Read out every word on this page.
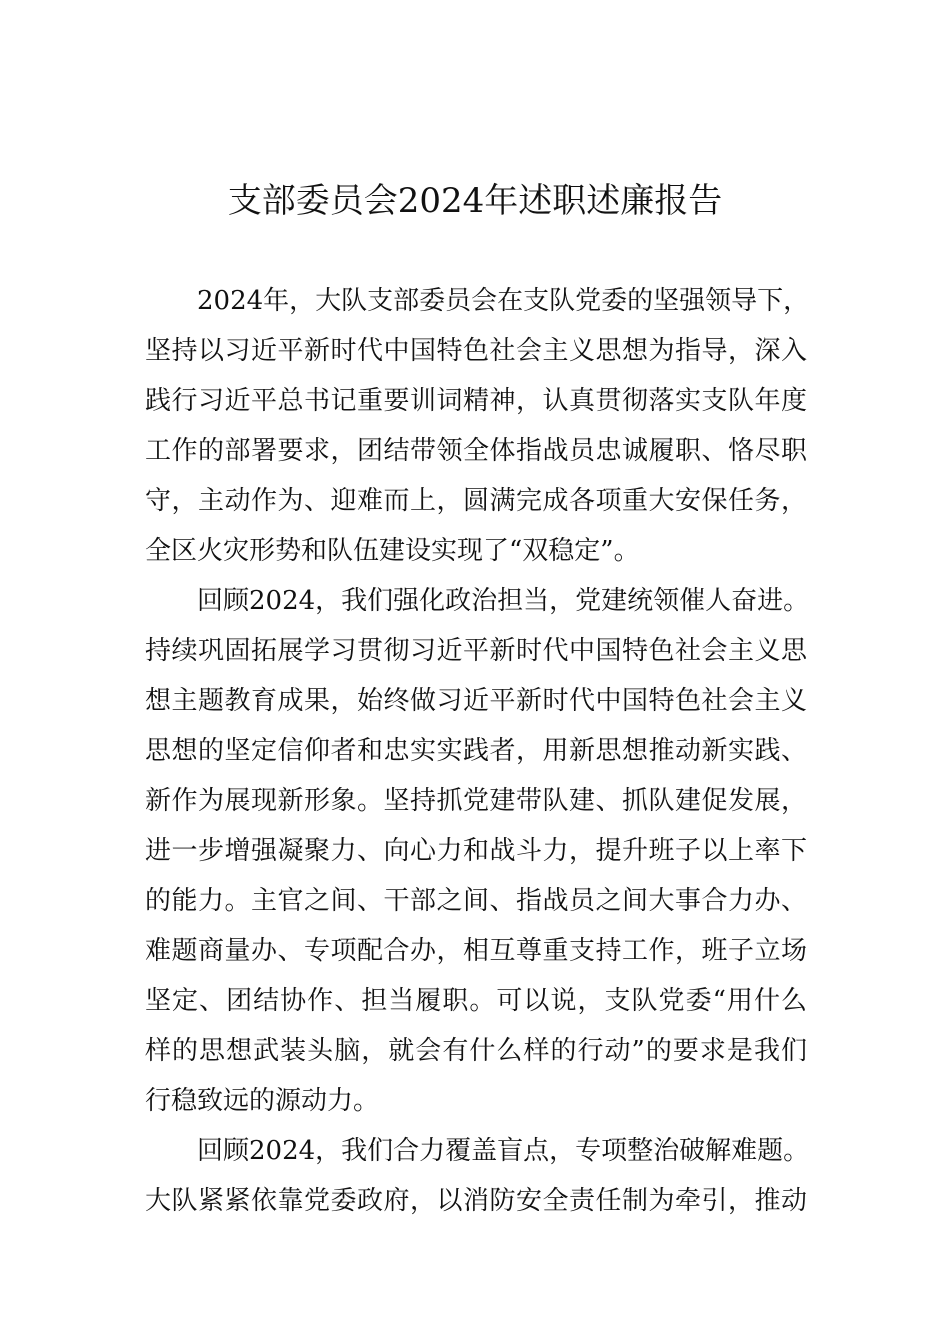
支部委员会2024年述职述廉报告
2024年，大队支部委员会在支队党委的坚强领导下，
坚持以习近平新时代中国特色社会主义思想为指导，深入
践行习近平总书记重要训词精神，认真贯彻落实支队年度
工作的部署要求，团结带领全体指战员忠诚履职、恪尽职
守，主动作为、迎难而上，圆满完成各项重大安保任务，
全区火灾形势和队伍建设实现了“双稳定”。
回顾2024，我们强化政治担当，党建统领催人奋进。
持续巩固拓展学习贯彻习近平新时代中国特色社会主义思
想主题教育成果，始终做习近平新时代中国特色社会主义
思想的坚定信仰者和忠实实践者，用新思想推动新实践、
新作为展现新形象。坚持抓党建带队建、抓队建促发展，
进一步增强凝聚力、向心力和战斗力，提升班子以上率下
的能力。主官之间、干部之间、指战员之间大事合力办、
难题商量办、专项配合办，相互尊重支持工作，班子立场
坚定、团结协作、担当履职。可以说，支队党委“用什么
样的思想武装头脑，就会有什么样的行动”的要求是我们
行稳致远的源动力。
回顾2024，我们合力覆盖盲点，专项整治破解难题。
大队紧紧依靠党委政府，以消防安全责任制为牵引，推动
